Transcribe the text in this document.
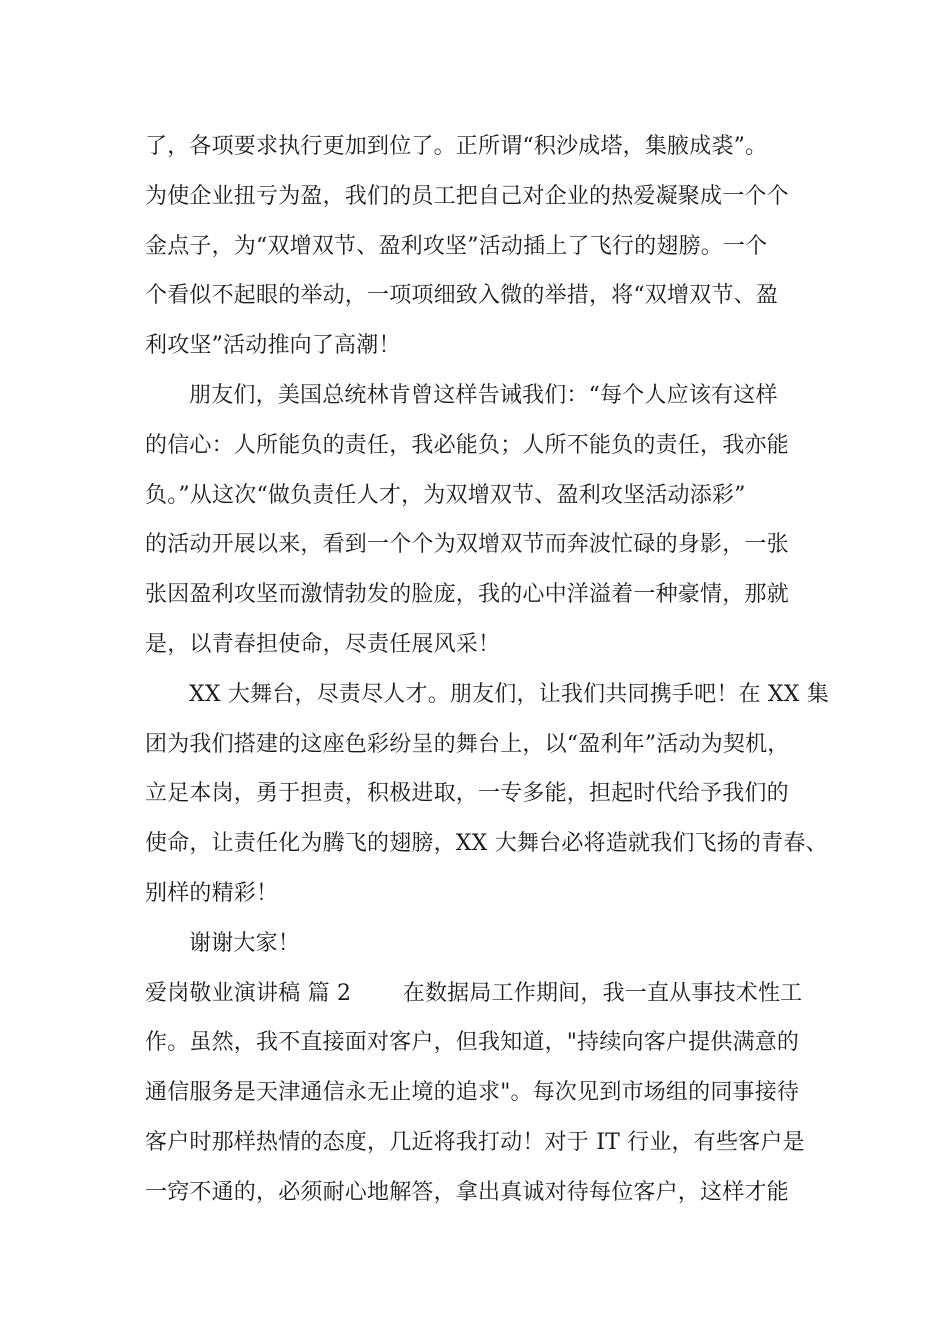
了，各项要求执行更加到位了。正所谓“积沙成塔，集腋成裘”。
为使企业扭亏为盈，我们的员工把自己对企业的热爱凝聚成一个个
金点子，为“双增双节、盈利攻坚”活动插上了飞行的翅膀。一个
个看似不起眼的举动，一项项细致入微的举措，将“双增双节、盈
利攻坚”活动推向了高潮！
朋友们，美国总统林肯曾这样告诫我们：“每个人应该有这样
的信心：人所能负的责任，我必能负；人所不能负的责任，我亦能
负。”从这次“做负责任人才，为双增双节、盈利攻坚活动添彩”
的活动开展以来，看到一个个为双增双节而奔波忙碌的身影，一张
张因盈利攻坚而激情勃发的脸庞，我的心中洋溢着一种豪情，那就
是，以青春担使命，尽责任展风采！
XX 大舞台，尽责尽人才。朋友们，让我们共同携手吧！在 XX 集
团为我们搭建的这座色彩纷呈的舞台上，以“盈利年”活动为契机，
立足本岗，勇于担责，积极进取，一专多能，担起时代给予我们的
使命，让责任化为腾飞的翅膀，XX 大舞台必将造就我们飞扬的青春、
别样的精彩！
谢谢大家！
爱岗敬业演讲稿 篇 2　　 在数据局工作期间，我一直从事技术性工
作。虽然，我不直接面对客户，但我知道，"持续向客户提供满意的
通信服务是天津通信永无止境的追求"。每次见到市场组的同事接待
客户时那样热情的态度，几近将我打动！对于 IT 行业，有些客户是
一窍不通的，必须耐心地解答，拿出真诚对待每位客户，这样才能
